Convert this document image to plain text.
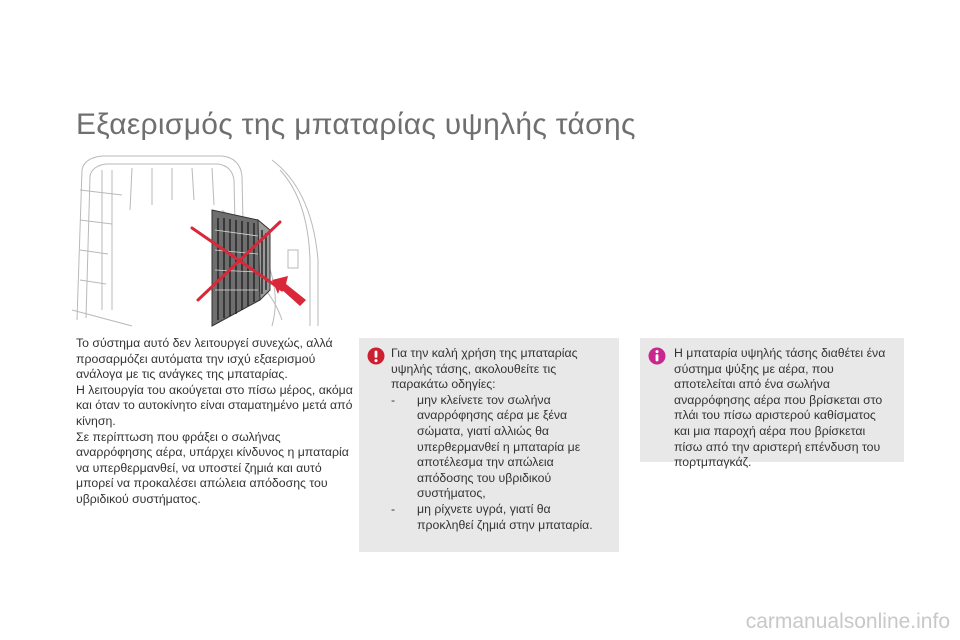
Εξαερισμός της μπαταρίας υψηλής τάσης

Το σύστημα αυτό δεν λειτουργεί συνεχώς, αλλά προσαρμόζει αυτόματα την ισχύ εξαερισμού ανάλογα με τις ανάγκες της μπαταρίας.

Η λειτουργία του ακούγεται στο πίσω μέρος, ακόμα και όταν το αυτοκίνητο είναι σταματημένο μετά από κίνηση.

Σε περίπτωση που φράξει ο σωλήνας αναρρόφησης αέρα, υπάρχει κίνδυνος η μπαταρία να υπερθερμανθεί, να υποστεί ζημιά και αυτό μπορεί να προκαλέσει απώλεια απόδοσης του υβριδικού συστήματος.

Για την καλή χρήση της μπαταρίας υψηλής τάσης, ακολουθείτε τις παρακάτω οδηγίες:

-	μην κλείνετε τον σωλήνα αναρρόφησης αέρα με ξένα σώματα, γιατί αλλιώς θα υπερθερμανθεί η μπαταρία με αποτέλεσμα την απώλεια απόδοσης του υβριδικού συστήματος,
-	μη ρίχνετε υγρά, γιατί θα προκληθεί ζημιά στην μπαταρία.

Η μπαταρία υψηλής τάσης διαθέτει ένα σύστημα ψύξης με αέρα, που αποτελείται από ένα σωλήνα αναρρόφησης αέρα που βρίσκεται στο πλάι του πίσω αριστερού καθίσματος και μια παροχή αέρα που βρίσκεται πίσω από την αριστερή επένδυση του πορτμπαγκάζ.

carmanualsonline.info
